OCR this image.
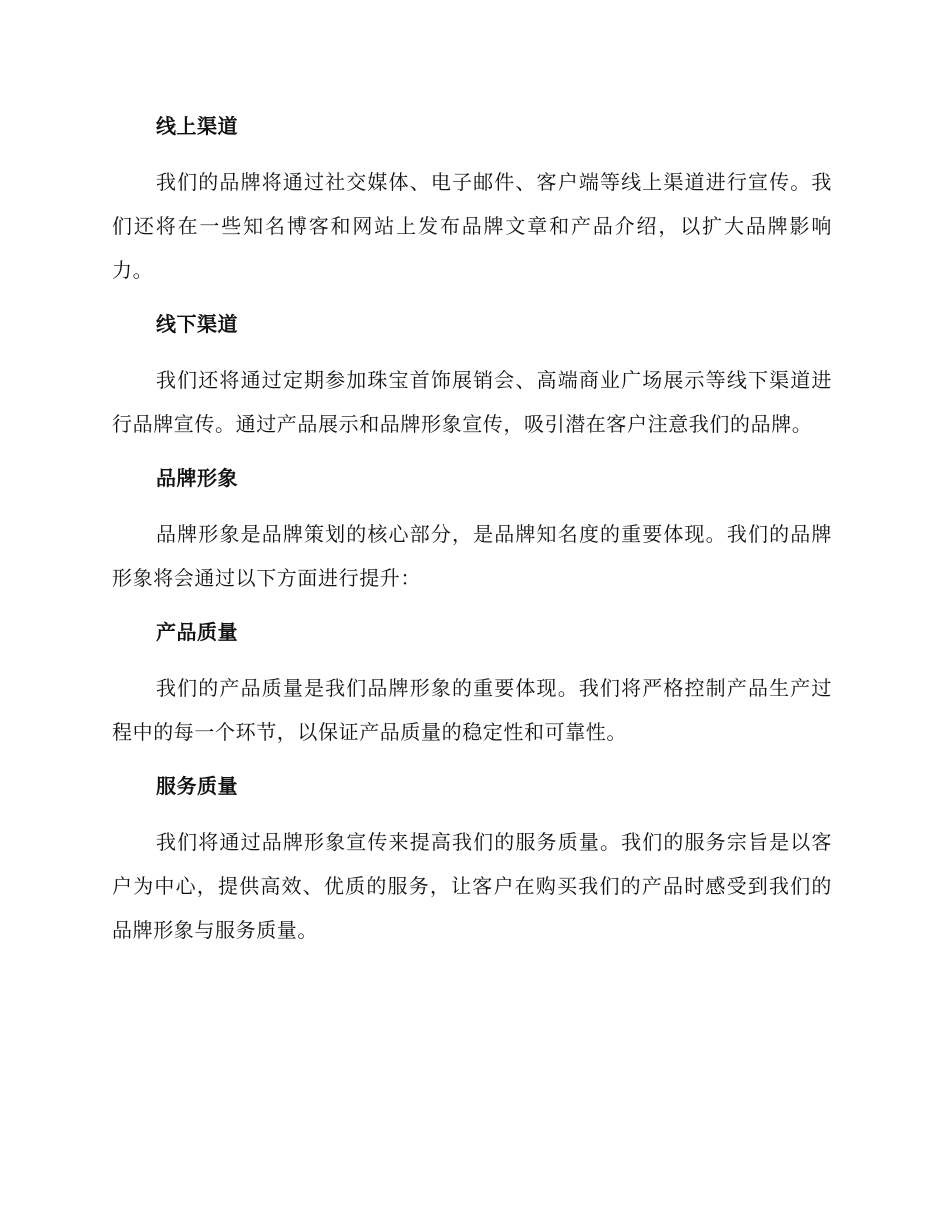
线上渠道

我们的品牌将通过社交媒体、电子邮件、客户端等线上渠道进行宣传。我们还将在一些知名博客和网站上发布品牌文章和产品介绍，以扩大品牌影响力。

线下渠道

我们还将通过定期参加珠宝首饰展销会、高端商业广场展示等线下渠道进行品牌宣传。通过产品展示和品牌形象宣传，吸引潜在客户注意我们的品牌。

品牌形象

品牌形象是品牌策划的核心部分，是品牌知名度的重要体现。我们的品牌形象将会通过以下方面进行提升：

产品质量

我们的产品质量是我们品牌形象的重要体现。我们将严格控制产品生产过程中的每一个环节，以保证产品质量的稳定性和可靠性。

服务质量

我们将通过品牌形象宣传来提高我们的服务质量。我们的服务宗旨是以客户为中心，提供高效、优质的服务，让客户在购买我们的产品时感受到我们的品牌形象与服务质量。
